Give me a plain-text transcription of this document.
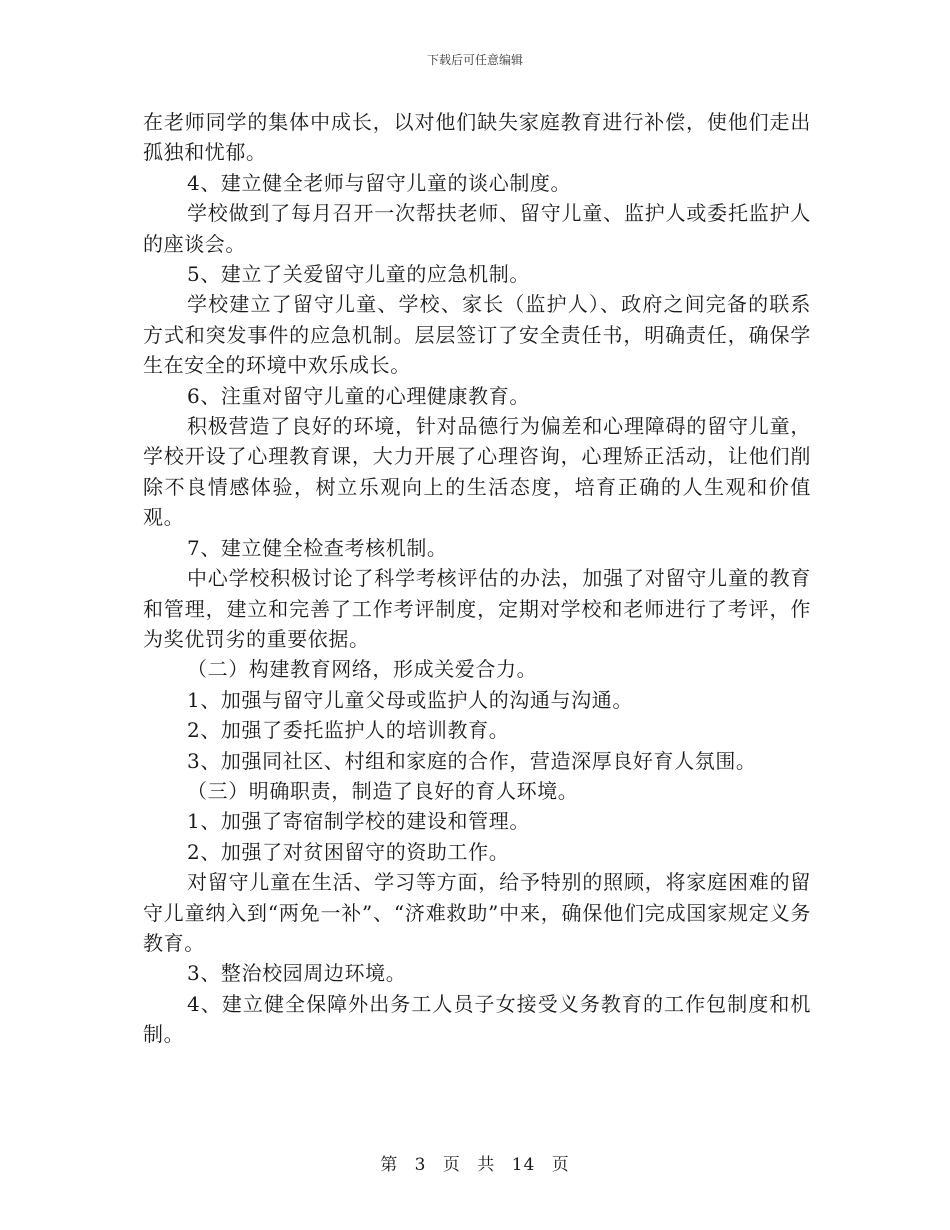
下载后可任意编辑

在老师同学的集体中成长，以对他们缺失家庭教育进行补偿，使他们走出孤独和忧郁。

4、建立健全老师与留守儿童的谈心制度。

学校做到了每月召开一次帮扶老师、留守儿童、监护人或委托监护人的座谈会。

5、建立了关爱留守儿童的应急机制。

学校建立了留守儿童、学校、家长（监护人）、政府之间完备的联系方式和突发事件的应急机制。层层签订了安全责任书，明确责任，确保学生在安全的环境中欢乐成长。

6、注重对留守儿童的心理健康教育。

积极营造了良好的环境，针对品德行为偏差和心理障碍的留守儿童，学校开设了心理教育课，大力开展了心理咨询，心理矫正活动，让他们削除不良情感体验，树立乐观向上的生活态度，培育正确的人生观和价值观。

7、建立健全检查考核机制。

中心学校积极讨论了科学考核评估的办法，加强了对留守儿童的教育和管理，建立和完善了工作考评制度，定期对学校和老师进行了考评，作为奖优罚劣的重要依据。

（二）构建教育网络，形成关爱合力。

1、加强与留守儿童父母或监护人的沟通与沟通。

2、加强了委托监护人的培训教育。

3、加强同社区、村组和家庭的合作，营造深厚良好育人氛围。

（三）明确职责，制造了良好的育人环境。

1、加强了寄宿制学校的建设和管理。

2、加强了对贫困留守的资助工作。

对留守儿童在生活、学习等方面，给予特别的照顾，将家庭困难的留守儿童纳入到“两免一补”、“济难救助”中来，确保他们完成国家规定义务教育。

3、整治校园周边环境。

4、建立健全保障外出务工人员子女接受义务教育的工作包制度和机制。

第 3 页 共 14 页
